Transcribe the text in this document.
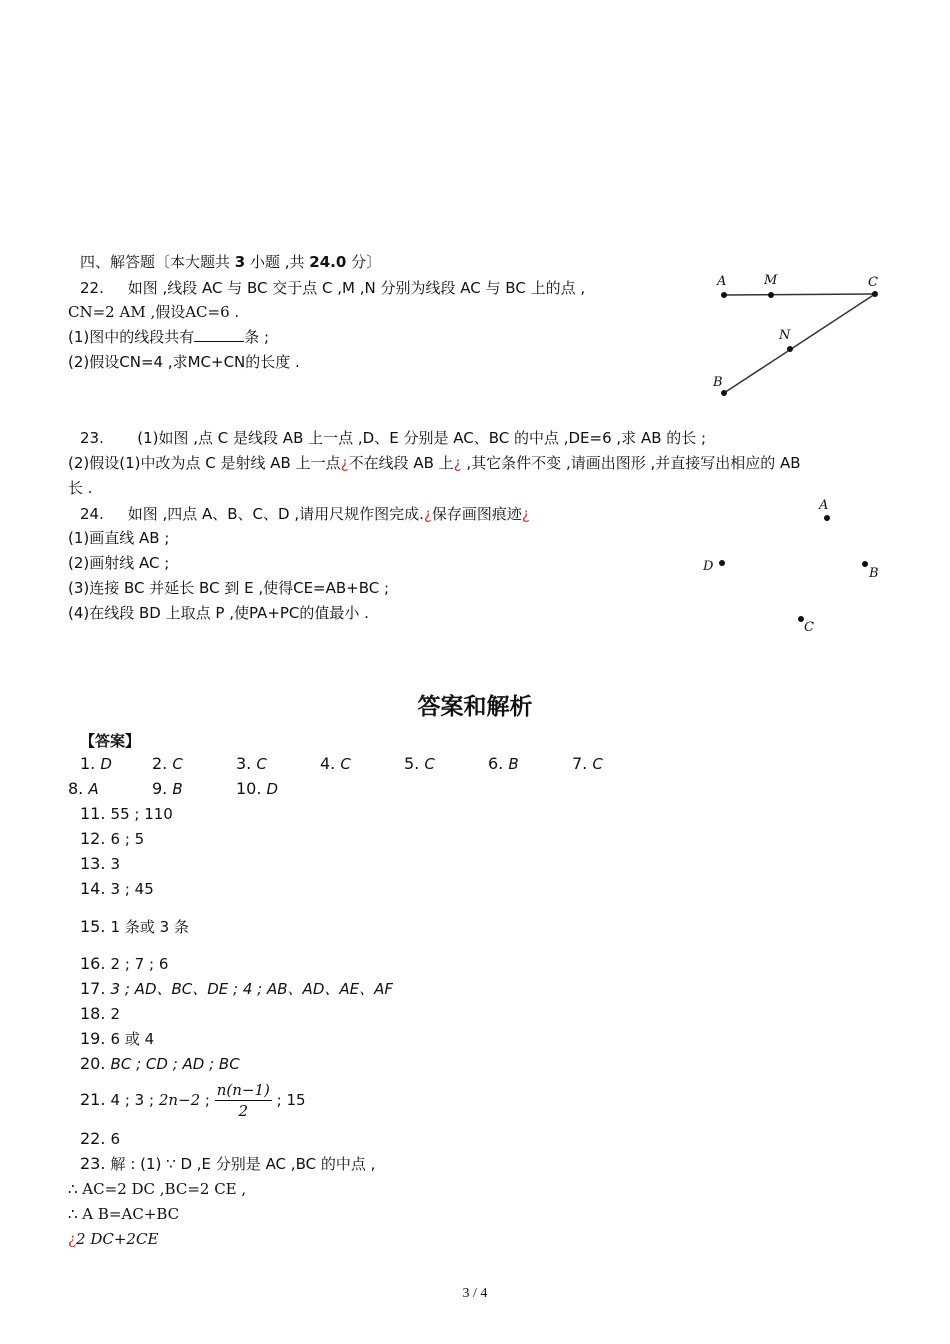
四、解答题〔本大题共 3 小题 ,共 24.0 分〕
22. 如图 ,线段 AC 与 BC 交于点 C ,M ,N 分别为线段 AC 与 BC 上的点 ,
CN=2 AM ,假设AC=6 .
(1)图中的线段共有	条 ;
(2)假设CN=4 ,求MC+CN的长度 .
A	M	C
N
B
23. (1)如图 ,点 C 是线段 AB 上一点 ,D、E 分别是 AC、BC 的中点 ,DE=6 ,求 AB 的长 ;
(2)假设(1)中改为点 C 是射线 AB 上一点¿不在线段 AB 上¿ ,其它条件不变 ,请画出图形 ,并直接写出相应的 AB
长 .
24. 如图 ,四点 A、B、C、D ,请用尺规作图完成.¿保存画图痕迹¿
(1)画直线 AB ;
(2)画射线 AC ;
(3)连接 BC 并延长 BC 到 E ,使得CE=AB+BC ;
(4)在线段 BD 上取点 P ,使PA+PC的值最小 .
A
D	B
C
答案和解析
【答案】
1. D	2. C	3. C	4. C	5. C	6. B	7. C
8. A	9. B	10. D
11. 55 ; 110
12. 6 ; 5
13. 3
14. 3 ; 45
15. 1 条或 3 条
16. 2 ; 7 ; 6
17. 3 ; AD、BC、DE ; 4 ; AB、AD、AE、AF
18. 2
19. 6 或 4
20. BC ; CD ; AD ; BC
21. 4 ; 3 ; 2n−2 ; $\frac{n(n-1)}{2}$ ; 15
22. 6
23. 解 : (1) ∵ D ,E 分别是 AC ,BC 的中点 ,
∴ AC=2 DC ,BC=2 CE ,
∴ A B=AC+BC
¿2 DC+2CE
3 / 4
